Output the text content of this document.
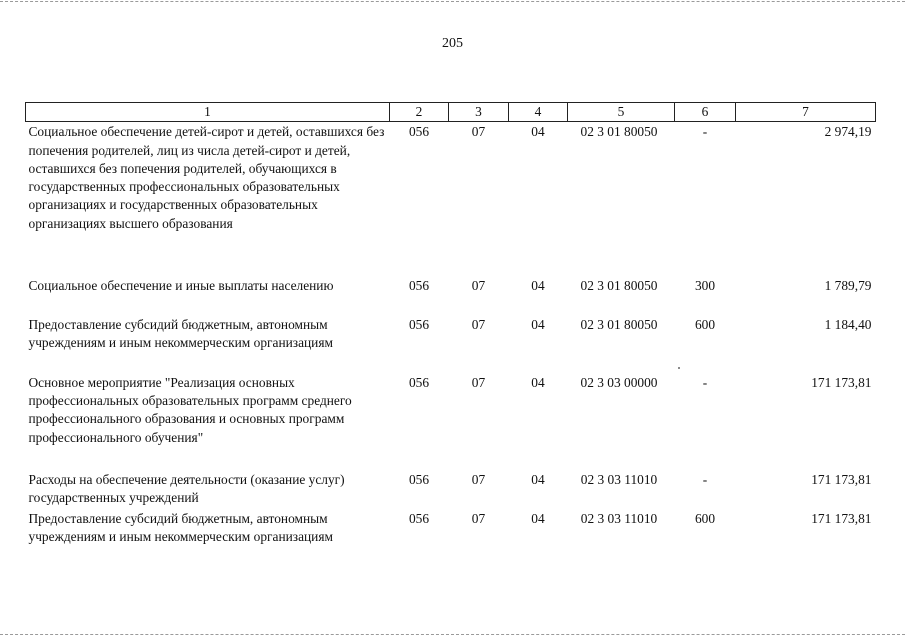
205
1	2	3	4	5	6	7
Социальное обеспечение детей-сирот и детей, оставшихся без попечения родителей, лиц из числа детей-сирот и детей, оставшихся без попечения родителей, обучающихся в государственных профессиональных образовательных организациях и государственных образовательных организациях высшего образования	056	07	04	02 3 01 80050	-	2 974,19
Социальное обеспечение и иные выплаты населению	056	07	04	02 3 01 80050	300	1 789,79
Предоставление субсидий бюджетным, автономным учреждениям и иным некоммерческим организациям	056	07	04	02 3 01 80050	600	1 184,40
Основное мероприятие "Реализация основных профессиональных образовательных программ среднего профессионального образования и основных программ профессионального обучения"	056	07	04	02 3 03 00000	-	171 173,81
Расходы на обеспечение деятельности (оказание услуг) государственных учреждений	056	07	04	02 3 03 11010	-	171 173,81
Предоставление субсидий бюджетным, автономным учреждениям и иным некоммерческим организациям	056	07	04	02 3 03 11010	600	171 173,81
